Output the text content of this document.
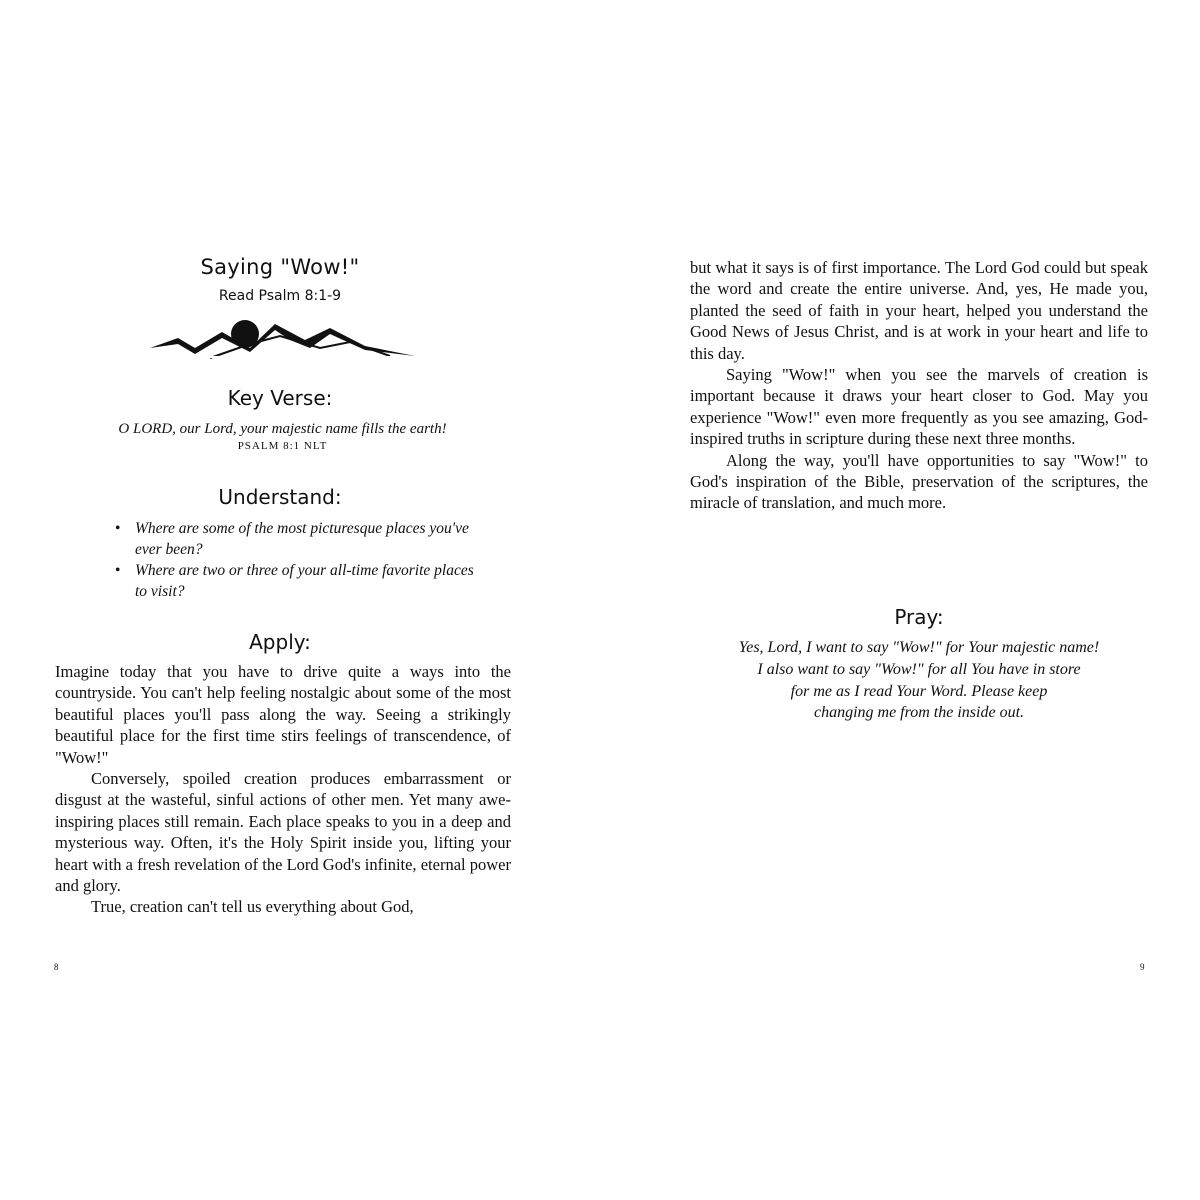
Saying "Wow!"
Read Psalm 8:1-9
Key Verse:
O LORD, our Lord, your majestic name fills the earth!
PSALM 8:1 NLT
Understand:
• Where are some of the most picturesque places you've ever been?
• Where are two or three of your all-time favorite places to visit?
Apply:

Imagine today that you have to drive quite a ways into the countryside. You can't help feeling nostalgic about some of the most beautiful places you'll pass along the way. Seeing a strikingly beautiful place for the first time stirs feelings of transcendence, of "Wow!"

Conversely, spoiled creation produces embarrassment or disgust at the wasteful, sinful actions of other men. Yet many awe-inspiring places still remain. Each place speaks to you in a deep and mysterious way. Often, it's the Holy Spirit inside you, lifting your heart with a fresh revelation of the Lord God's infinite, eternal power and glory.

True, creation can't tell us everything about God,

8

but what it says is of first importance. The Lord God could but speak the word and create the entire universe. And, yes, He made you, planted the seed of faith in your heart, helped you understand the Good News of Jesus Christ, and is at work in your heart and life to this day.

Saying "Wow!" when you see the marvels of creation is important because it draws your heart closer to God. May you experience "Wow!" even more frequently as you see amazing, God-inspired truths in scripture during these next three months.

Along the way, you'll have opportunities to say "Wow!" to God's inspiration of the Bible, preservation of the scriptures, the miracle of translation, and much more.

Pray:
Yes, Lord, I want to say "Wow!" for Your majestic name!
I also want to say "Wow!" for all You have in store
for me as I read Your Word. Please keep
changing me from the inside out.
9
